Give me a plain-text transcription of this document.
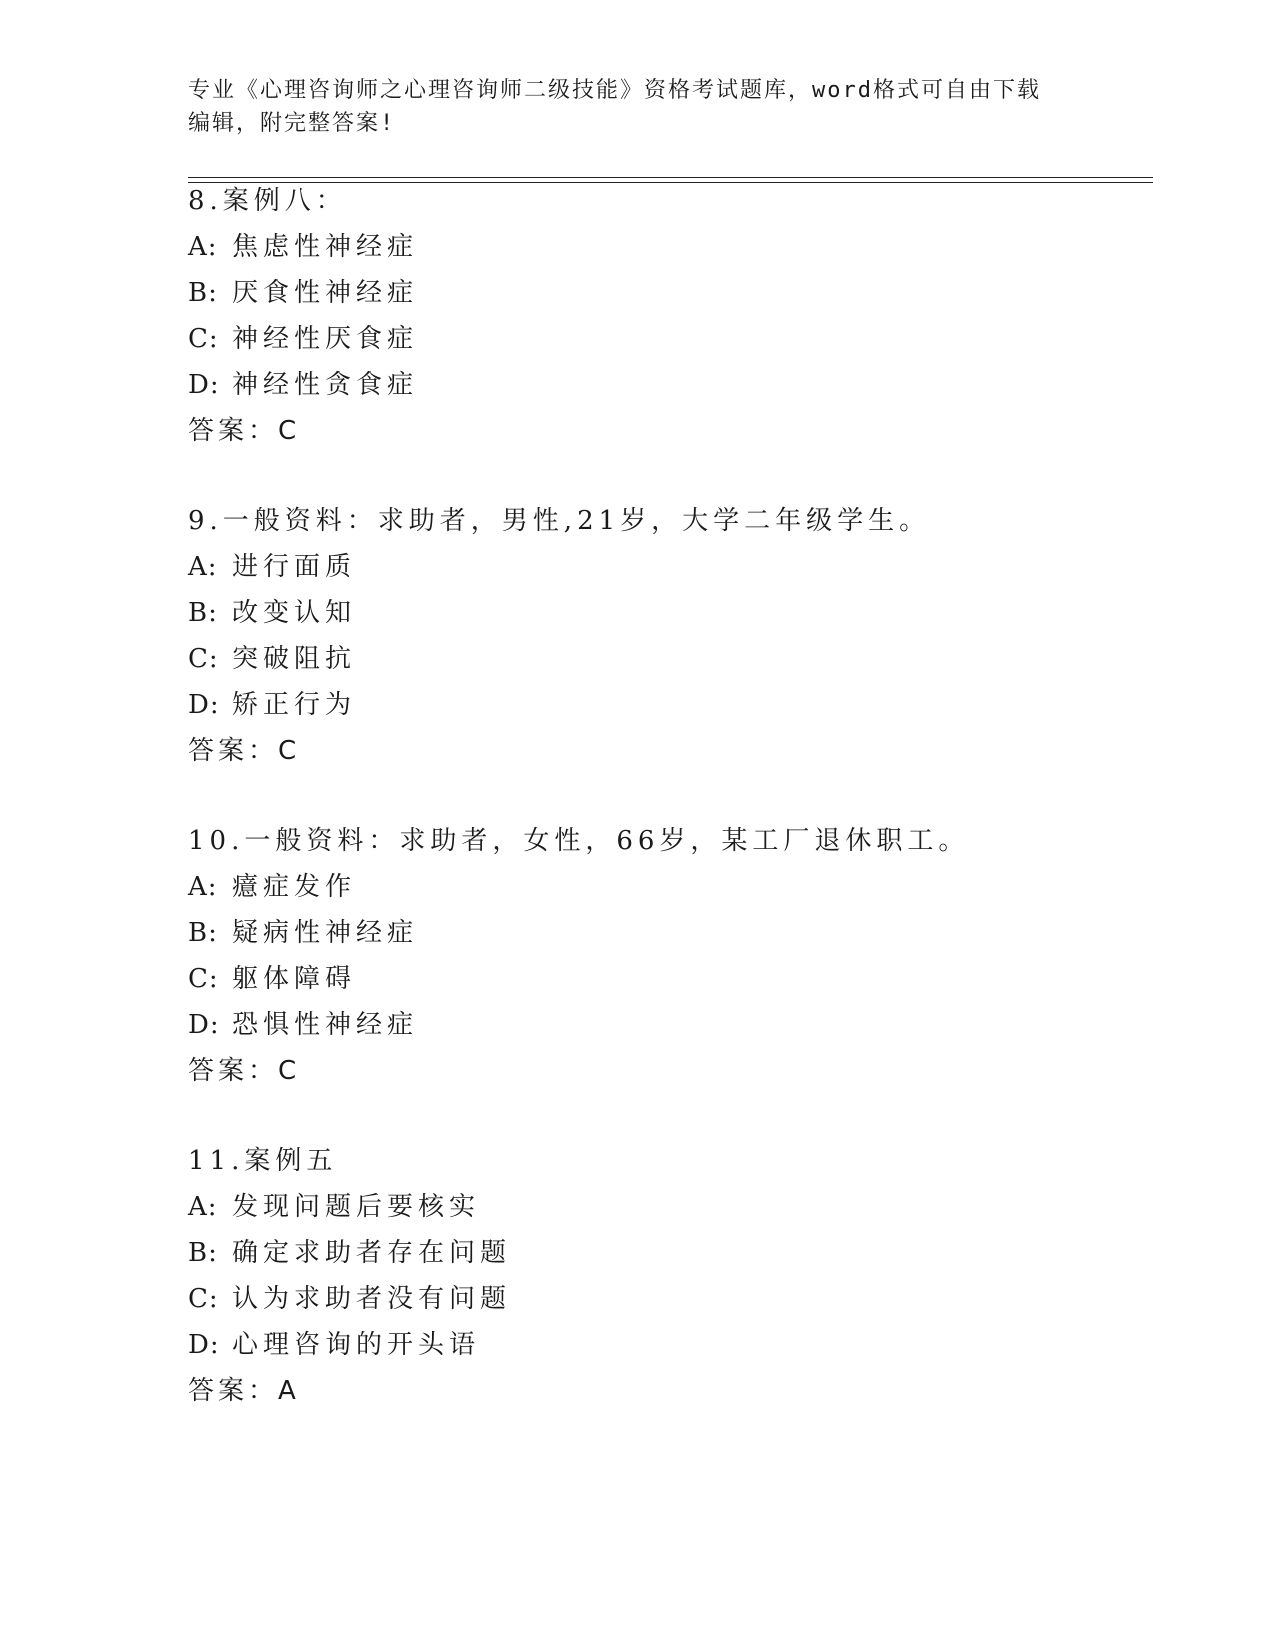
专业《心理咨询师之心理咨询师二级技能》资格考试题库，word格式可自由下载
编辑，附完整答案!
8.案例八：
A: 焦虑性神经症
B: 厌食性神经症
C: 神经性厌食症
D: 神经性贪食症
答案：C
9.一般资料：求助者，男性,21岁，大学二年级学生。
A: 进行面质
B: 改变认知
C: 突破阻抗
D: 矫正行为
答案：C
10.一般资料：求助者，女性，66岁，某工厂退休职工。
A: 癔症发作
B: 疑病性神经症
C: 躯体障碍
D: 恐惧性神经症
答案：C
11.案例五
A: 发现问题后要核实
B: 确定求助者存在问题
C: 认为求助者没有问题
D: 心理咨询的开头语
答案：A
